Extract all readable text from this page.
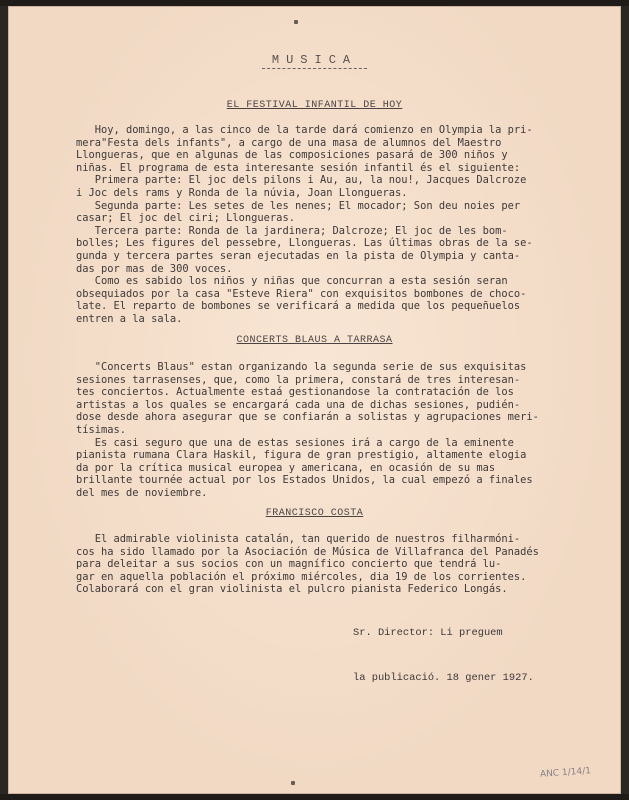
MUSICA
EL FESTIVAL INFANTIL DE HOY
Hoy, domingo, a las cinco de la tarde dará comienzo en Olympia la pri-
mera"Festa dels infants", a cargo de una masa de alumnos del Maestro
Llongueras, que en algunas de las composiciones pasará de 300 niños y
niñas. El programa de esta interesante sesión infantil és el siguiente:
Primera parte: El joc dels pilons i Au, au, la nou!, Jacques Dalcroze
i Joc dels rams y Ronda de la núvia, Joan Llongueras.
Segunda parte: Les setes de les nenes; El mocador; Son deu noies per
casar; El joc del ciri; Llongueras.
Tercera parte: Ronda de la jardinera; Dalcroze; El joc de les bom-
bolles; Les figures del pessebre, Llongueras. Las últimas obras de la se-
gunda y tercera partes seran ejecutadas en la pista de Olympia y canta-
das por mas de 300 voces.
Como es sabido los niños y niñas que concurran a esta sesión seran
obsequiados por la casa "Esteve Riera" con exquisitos bombones de choco-
late. El reparto de bombones se verificará a medida que los pequeñuelos
entren a la sala.
CONCERTS BLAUS A TARRASA
"Concerts Blaus" estan organizando la segunda serie de sus exquisitas
sesiones tarrasenses, que, como la primera, constará de tres interesan-
tes conciertos. Actualmente estaá gestionandose la contratación de los
artistas a los quales se encargará cada una de dichas sesiones, pudién-
dose desde ahora asegurar que se confiarán a solistas y agrupaciones meri-
tísimas.
Es casi seguro que una de estas sesiones irá a cargo de la eminente
pianista rumana Clara Haskil, figura de gran prestigio, altamente elogia
da por la crítica musical europea y americana, en ocasión de su mas
brillante tournée actual por los Estados Unidos, la cual empezó a finales
del mes de noviembre.
FRANCISCO COSTA
El admirable violinista catalán, tan querido de nuestros filharmóni-
cos ha sido llamado por la Asociación de Música de Villafranca del Panadés
para deleitar a sus socios con un magnífico concierto que tendrá lu-
gar en aquella población el próximo miércoles, dia 19 de los corrientes.
Colaborará con el gran violinista el pulcro pianista Federico Longás.

Sr. Director: Li preguem

la publicació. 18 gener 1927.

ANC 1/14/1
